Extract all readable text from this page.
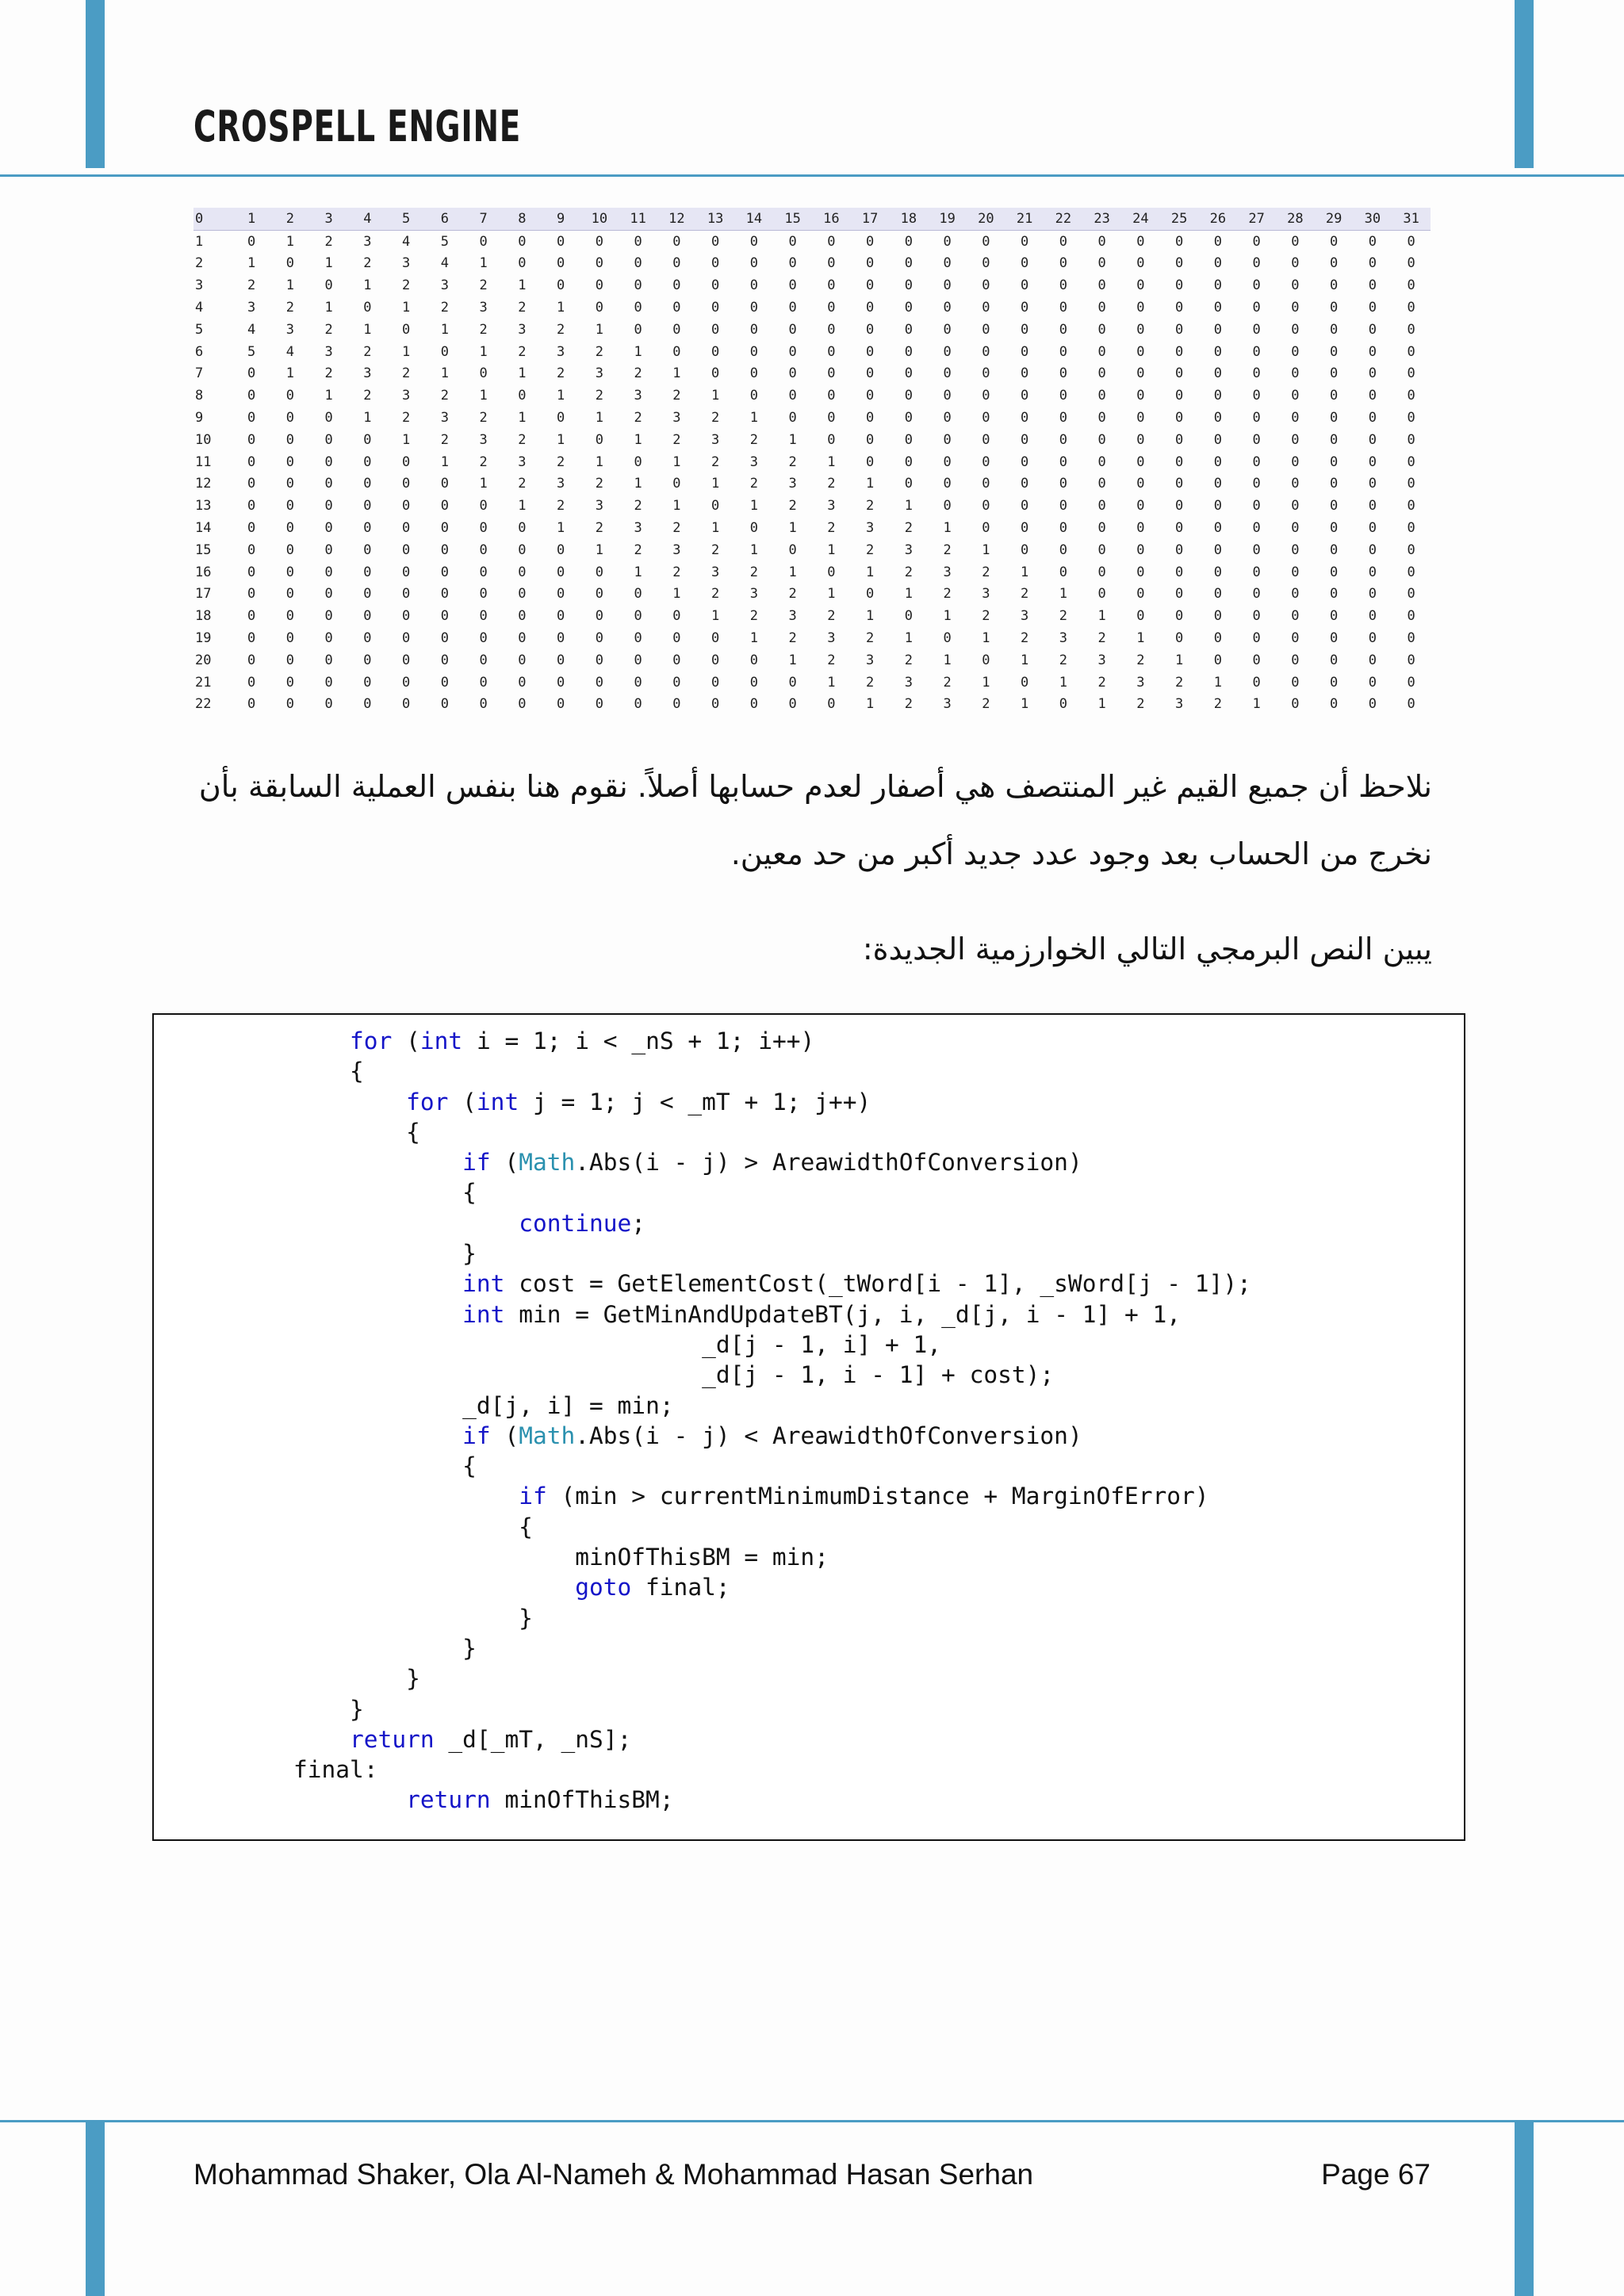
CROSPELL ENGINE
0	1	2	3	4	5	6	7	8	9	10	11	12	13	14	15	16	17	18	19	20	21	22	23	24	25	26	27	28	29	30	31
1	0	1	2	3	4	5	0	0	0	0	0	0	0	0	0	0	0	0	0	0	0	0	0	0	0	0	0	0	0	0	0
2	1	0	1	2	3	4	1	0	0	0	0	0	0	0	0	0	0	0	0	0	0	0	0	0	0	0	0	0	0	0	0
3	2	1	0	1	2	3	2	1	0	0	0	0	0	0	0	0	0	0	0	0	0	0	0	0	0	0	0	0	0	0	0
4	3	2	1	0	1	2	3	2	1	0	0	0	0	0	0	0	0	0	0	0	0	0	0	0	0	0	0	0	0	0	0
5	4	3	2	1	0	1	2	3	2	1	0	0	0	0	0	0	0	0	0	0	0	0	0	0	0	0	0	0	0	0	0
6	5	4	3	2	1	0	1	2	3	2	1	0	0	0	0	0	0	0	0	0	0	0	0	0	0	0	0	0	0	0	0
7	0	1	2	3	2	1	0	1	2	3	2	1	0	0	0	0	0	0	0	0	0	0	0	0	0	0	0	0	0	0	0
8	0	0	1	2	3	2	1	0	1	2	3	2	1	0	0	0	0	0	0	0	0	0	0	0	0	0	0	0	0	0	0
9	0	0	0	1	2	3	2	1	0	1	2	3	2	1	0	0	0	0	0	0	0	0	0	0	0	0	0	0	0	0	0
10	0	0	0	0	1	2	3	2	1	0	1	2	3	2	1	0	0	0	0	0	0	0	0	0	0	0	0	0	0	0	0
11	0	0	0	0	0	1	2	3	2	1	0	1	2	3	2	1	0	0	0	0	0	0	0	0	0	0	0	0	0	0	0
12	0	0	0	0	0	0	1	2	3	2	1	0	1	2	3	2	1	0	0	0	0	0	0	0	0	0	0	0	0	0	0
13	0	0	0	0	0	0	0	1	2	3	2	1	0	1	2	3	2	1	0	0	0	0	0	0	0	0	0	0	0	0	0
14	0	0	0	0	0	0	0	0	1	2	3	2	1	0	1	2	3	2	1	0	0	0	0	0	0	0	0	0	0	0	0
15	0	0	0	0	0	0	0	0	0	1	2	3	2	1	0	1	2	3	2	1	0	0	0	0	0	0	0	0	0	0	0
16	0	0	0	0	0	0	0	0	0	0	1	2	3	2	1	0	1	2	3	2	1	0	0	0	0	0	0	0	0	0	0
17	0	0	0	0	0	0	0	0	0	0	0	1	2	3	2	1	0	1	2	3	2	1	0	0	0	0	0	0	0	0	0
18	0	0	0	0	0	0	0	0	0	0	0	0	1	2	3	2	1	0	1	2	3	2	1	0	0	0	0	0	0	0	0
19	0	0	0	0	0	0	0	0	0	0	0	0	0	1	2	3	2	1	0	1	2	3	2	1	0	0	0	0	0	0	0
20	0	0	0	0	0	0	0	0	0	0	0	0	0	0	1	2	3	2	1	0	1	2	3	2	1	0	0	0	0	0	0
21	0	0	0	0	0	0	0	0	0	0	0	0	0	0	0	1	2	3	2	1	0	1	2	3	2	1	0	0	0	0	0
22	0	0	0	0	0	0	0	0	0	0	0	0	0	0	0	0	1	2	3	2	1	0	1	2	3	2	1	0	0	0	0
نلاحظ أن جميع القيم غير المنتصف هي أصفار لعدم حسابها أصلاً. نقوم هنا بنفس العملية السابقة بأن
نخرج من الحساب بعد وجود عدد جديد أكبر من حد معين.
يبين النص البرمجي التالي الخوارزمية الجديدة:
for (int i = 1; i < _nS + 1; i++)
{
for (int j = 1; j < _mT + 1; j++)
{
if (Math.Abs(i - j) > AreawidthOfConversion)
{
continue;
}
int cost = GetElementCost(_tWord[i - 1], _sWord[j - 1]);
int min = GetMinAndUpdateBT(j, i, _d[j, i - 1] + 1,
_d[j - 1, i] + 1,
_d[j - 1, i - 1] + cost);
_d[j, i] = min;
if (Math.Abs(i - j) < AreawidthOfConversion)
{
if (min > currentMinimumDistance + MarginOfError)
{
minOfThisBM = min;
goto final;
}
}
}
}
return _d[_mT, _nS];
final:
return minOfThisBM;
Mohammad Shaker, Ola Al-Nameh & Mohammad Hasan Serhan	Page 67
